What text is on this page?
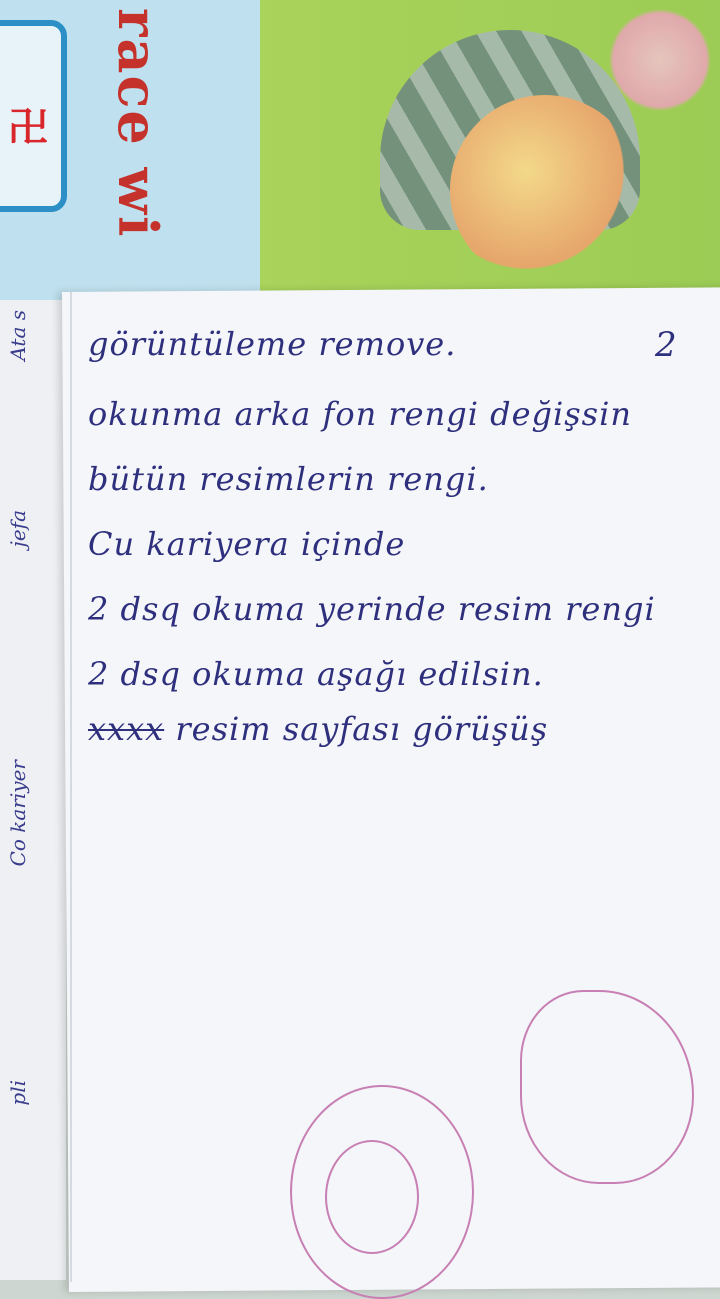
卍 race wi
Ata s
jefa
Co kariyer
pli
2
görüntüleme remove.
okunma arka fon rengi değişsin
bütün resimlerin rengi.
Cu kariyera içinde
2 dsq okuma yerinde resim rengi
2 dsq okuma aşağı edilsin.
xxxx resim sayfası görüşüş
